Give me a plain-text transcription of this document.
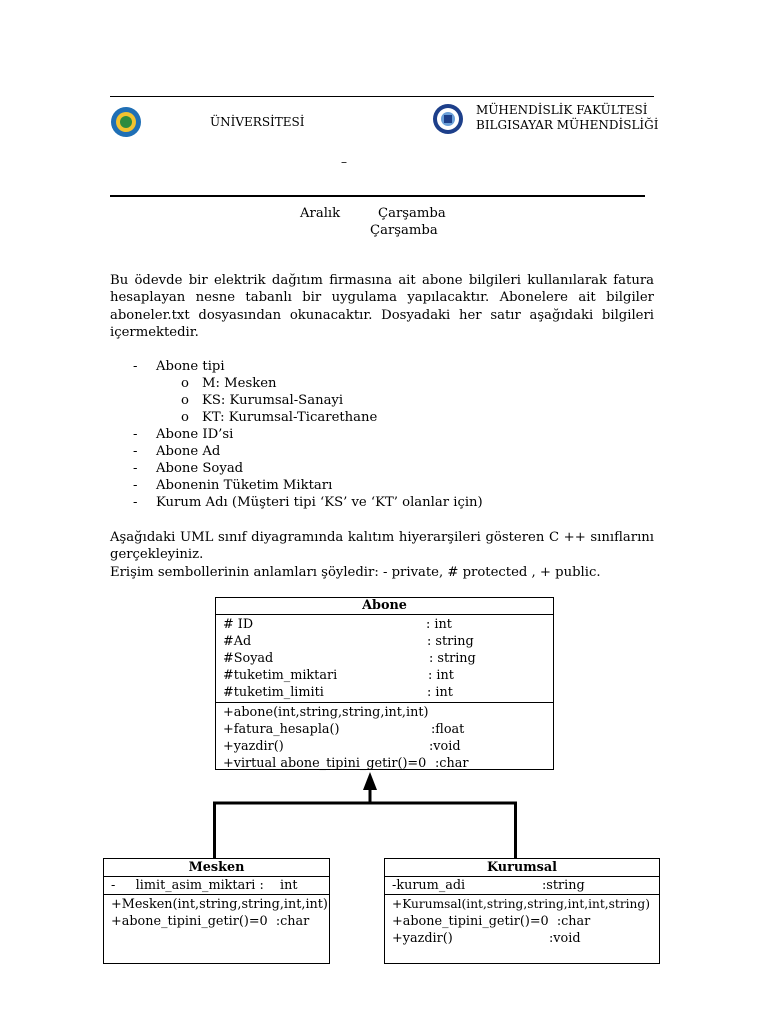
ÜNİVERSİTESİ
MÜHENDİSLİK FAKÜLTESİ
BILGISAYAR MÜHENDİSLİĞİ
–
Aralık	Çarşamba
Çarşamba
Bu ödevde bir elektrik dağıtım firmasına ait abone bilgileri kullanılarak fatura hesaplayan nesne tabanlı bir uygulama yapılacaktır. Abonelere ait bilgiler aboneler.txt dosyasından okunacaktır. Dosyadaki her satır aşağıdaki bilgileri içermektedir.
- Abone tipi
o M: Mesken
o KS: Kurumsal-Sanayi
o KT: Kurumsal-Ticarethane
- Abone ID’si
- Abone Ad
- Abone Soyad
- Abonenin Tüketim Miktarı
- Kurum Adı (Müşteri tipi ‘KS’ ve ‘KT’ olanlar için)
Aşağıdaki UML sınıf diyagramında kalıtım hiyerarşileri gösteren C ++ sınıflarını gerçekleyiniz.
Erişim sembollerinin anlamları şöyledir: - private, # protected , + public.
Abone
# ID	: int
#Ad	: string
#Soyad	: string
#tuketim_miktari	: int
#tuketim_limiti	: int
+abone(int,string,string,int,int)
+fatura_hesapla()	:float
+yazdir()	:void
+virtual abone_tipini_getir()=0 :char
Mesken
-     limit_asim_miktari : int
+Mesken(int,string,string,int,int)
+abone_tipini_getir()=0  :char
Kurumsal
-kurum_adi	:string
+Kurumsal(int,string,string,int,int,string)
+abone_tipini_getir()=0  :char
+yazdir()	:void
